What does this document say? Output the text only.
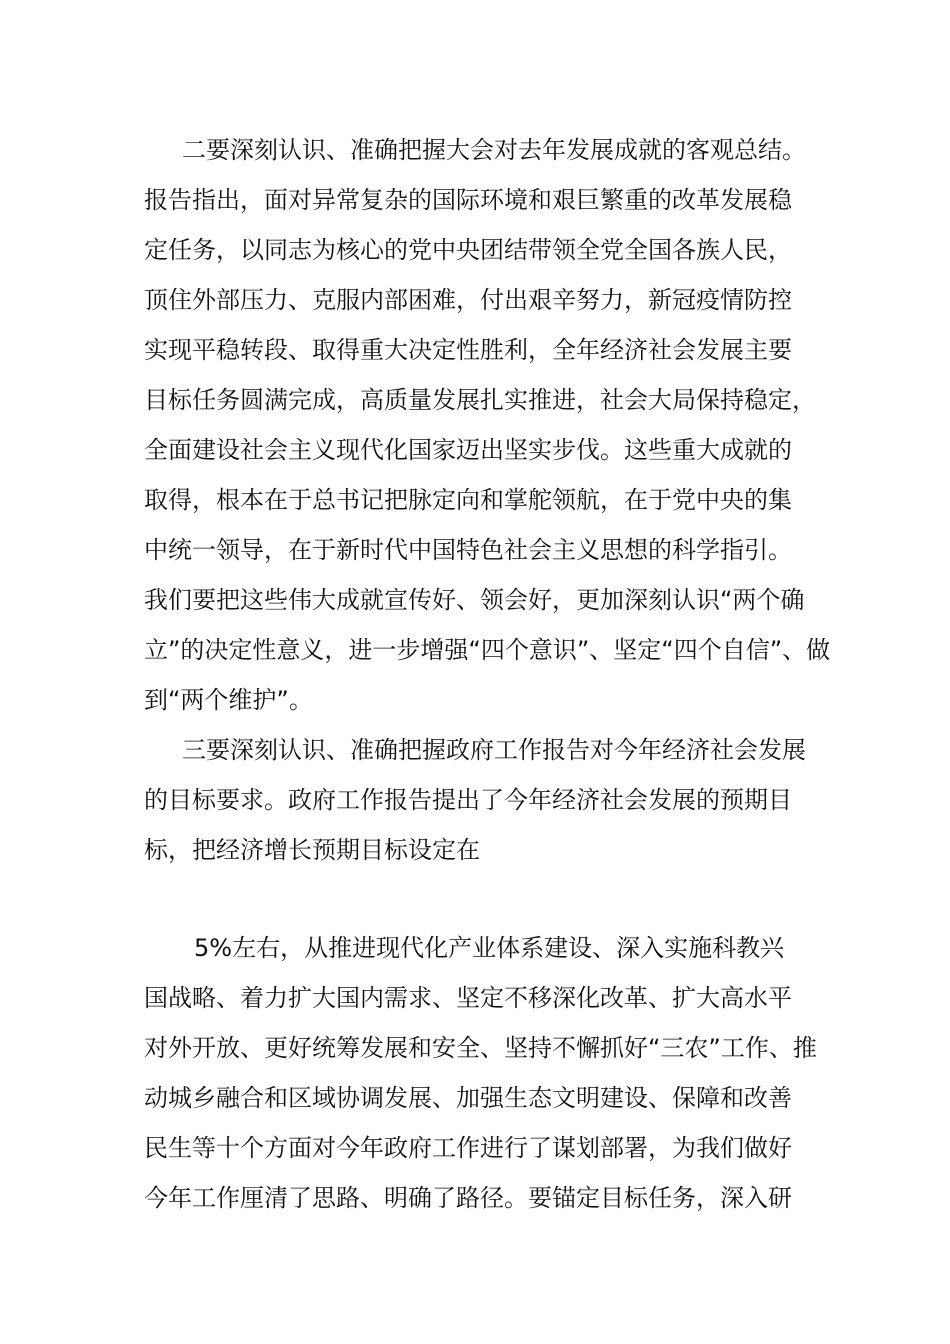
二要深刻认识、准确把握大会对去年发展成就的客观总结。
报告指出，面对异常复杂的国际环境和艰巨繁重的改革发展稳
定任务，以同志为核心的党中央团结带领全党全国各族人民，
顶住外部压力、克服内部困难，付出艰辛努力，新冠疫情防控
实现平稳转段、取得重大决定性胜利，全年经济社会发展主要
目标任务圆满完成，高质量发展扎实推进，社会大局保持稳定，
全面建设社会主义现代化国家迈出坚实步伐。这些重大成就的
取得，根本在于总书记把脉定向和掌舵领航，在于党中央的集
中统一领导，在于新时代中国特色社会主义思想的科学指引。
我们要把这些伟大成就宣传好、领会好，更加深刻认识“两个确
立”的决定性意义，进一步增强“四个意识”、坚定“四个自信”、做
到“两个维护”。
三要深刻认识、准确把握政府工作报告对今年经济社会发展
的目标要求。政府工作报告提出了今年经济社会发展的预期目
标，把经济增长预期目标设定在
5%左右，从推进现代化产业体系建设、深入实施科教兴
国战略、着力扩大国内需求、坚定不移深化改革、扩大高水平
对外开放、更好统筹发展和安全、坚持不懈抓好“三农”工作、推
动城乡融合和区域协调发展、加强生态文明建设、保障和改善
民生等十个方面对今年政府工作进行了谋划部署，为我们做好
今年工作厘清了思路、明确了路径。要锚定目标任务，深入研
